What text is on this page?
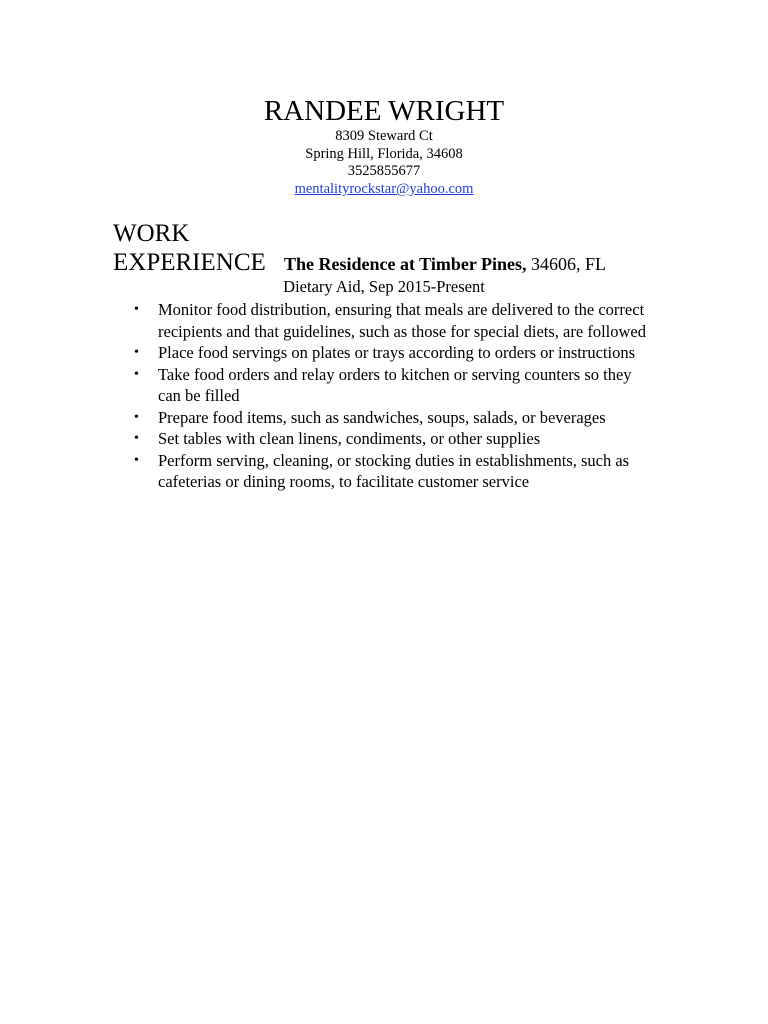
RANDEE WRIGHT
8309 Steward Ct
Spring Hill, Florida, 34608
3525855677
mentalityrockstar@yahoo.com
WORK
EXPERIENCE The Residence at Timber Pines, 34606, FL
Dietary Aid, Sep 2015-Present
• Monitor food distribution, ensuring that meals are delivered to the correct recipients and that guidelines, such as those for special diets, are followed
• Place food servings on plates or trays according to orders or instructions
• Take food orders and relay orders to kitchen or serving counters so they can be filled
• Prepare food items, such as sandwiches, soups, salads, or beverages
• Set tables with clean linens, condiments, or other supplies
• Perform serving, cleaning, or stocking duties in establishments, such as cafeterias or dining rooms, to facilitate customer service
